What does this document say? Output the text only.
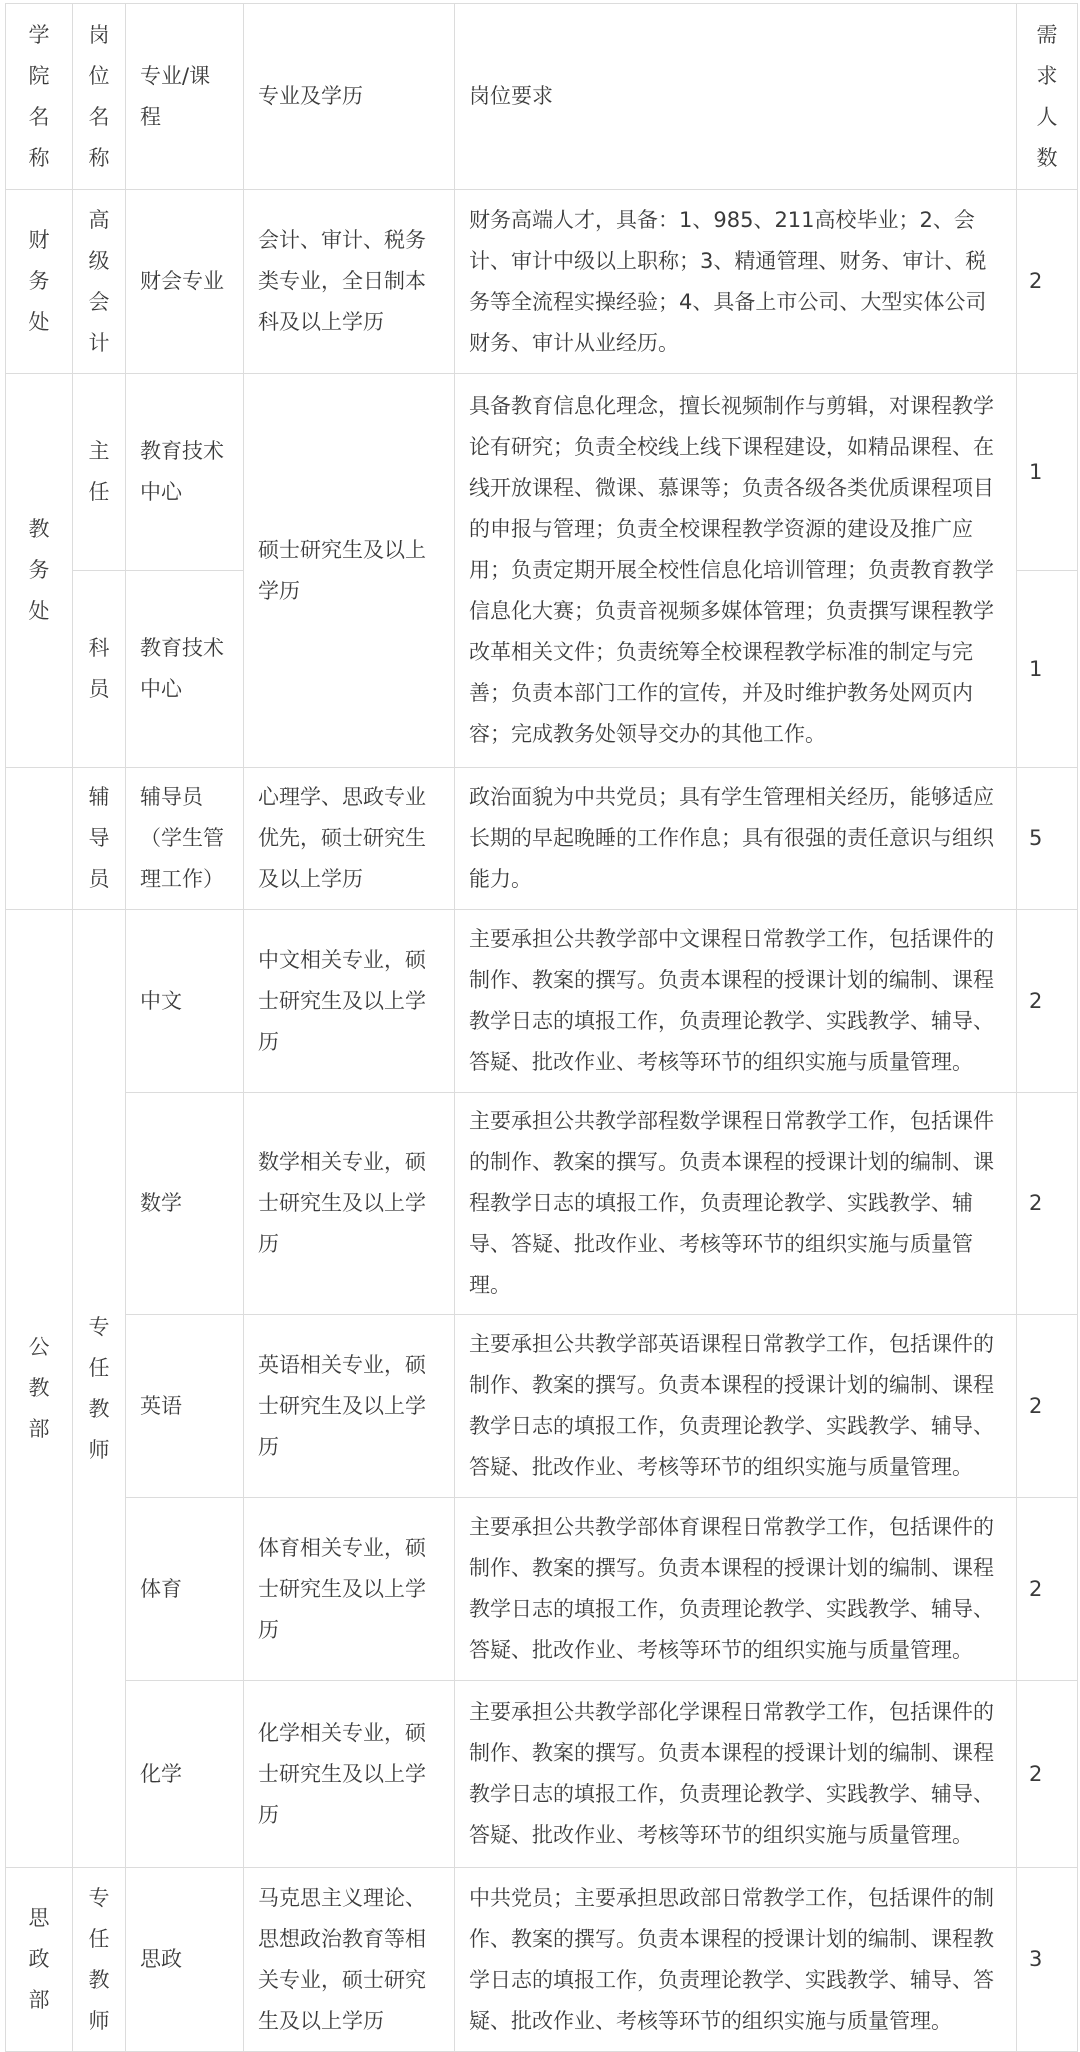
学院名称	岗位名称	专业/课程	专业及学历	岗位要求	需求人数

财务处	高级会计	财会专业	会计、审计、税务类专业，全日制本科及以上学历	财务高端人才，具备：1、985、211高校毕业；2、会计、审计中级以上职称；3、精通管理、财务、审计、税务等全流程实操经验；4、具备上市公司、大型实体公司财务、审计从业经历。	2

教务处	主任	教育技术中心	硕士研究生及以上学历	具备教育信息化理念，擅长视频制作与剪辑，对课程教学论有研究；负责全校线上线下课程建设，如精品课程、在线开放课程、微课、慕课等；负责各级各类优质课程项目的申报与管理；负责全校课程教学资源的建设及推广应用；负责定期开展全校性信息化培训管理；负责教育教学信息化大赛；负责音视频多媒体管理；负责撰写课程教学改革相关文件；负责统筹全校课程教学标准的制定与完善；负责本部门工作的宣传，并及时维护教务处网页内容；完成教务处领导交办的其他工作。	1

	科员	教育技术中心			1

	辅导员	辅导员（学生管理工作）	心理学、思政专业优先，硕士研究生及以上学历	政治面貌为中共党员；具有学生管理相关经历，能够适应长期的早起晚睡的工作作息；具有很强的责任意识与组织能力。	5

公教部	专任教师	中文	中文相关专业，硕士研究生及以上学历	主要承担公共教学部中文课程日常教学工作，包括课件的制作、教案的撰写。负责本课程的授课计划的编制、课程教学日志的填报工作，负责理论教学、实践教学、辅导、答疑、批改作业、考核等环节的组织实施与质量管理。	2
		数学	数学相关专业，硕士研究生及以上学历	主要承担公共教学部程数学课程日常教学工作，包括课件的制作、教案的撰写。负责本课程的授课计划的编制、课程教学日志的填报工作，负责理论教学、实践教学、辅导、答疑、批改作业、考核等环节的组织实施与质量管理。	2
		英语	英语相关专业，硕士研究生及以上学历	主要承担公共教学部英语课程日常教学工作，包括课件的制作、教案的撰写。负责本课程的授课计划的编制、课程教学日志的填报工作，负责理论教学、实践教学、辅导、答疑、批改作业、考核等环节的组织实施与质量管理。	2
		体育	体育相关专业，硕士研究生及以上学历	主要承担公共教学部体育课程日常教学工作，包括课件的制作、教案的撰写。负责本课程的授课计划的编制、课程教学日志的填报工作，负责理论教学、实践教学、辅导、答疑、批改作业、考核等环节的组织实施与质量管理。	2
		化学	化学相关专业，硕士研究生及以上学历	主要承担公共教学部化学课程日常教学工作，包括课件的制作、教案的撰写。负责本课程的授课计划的编制、课程教学日志的填报工作，负责理论教学、实践教学、辅导、答疑、批改作业、考核等环节的组织实施与质量管理。	2

思政部	专任教师	思政	马克思主义理论、思想政治教育等相关专业，硕士研究生及以上学历	中共党员；主要承担思政部日常教学工作，包括课件的制作、教案的撰写。负责本课程的授课计划的编制、课程教学日志的填报工作，负责理论教学、实践教学、辅导、答疑、批改作业、考核等环节的组织实施与质量管理。	3
